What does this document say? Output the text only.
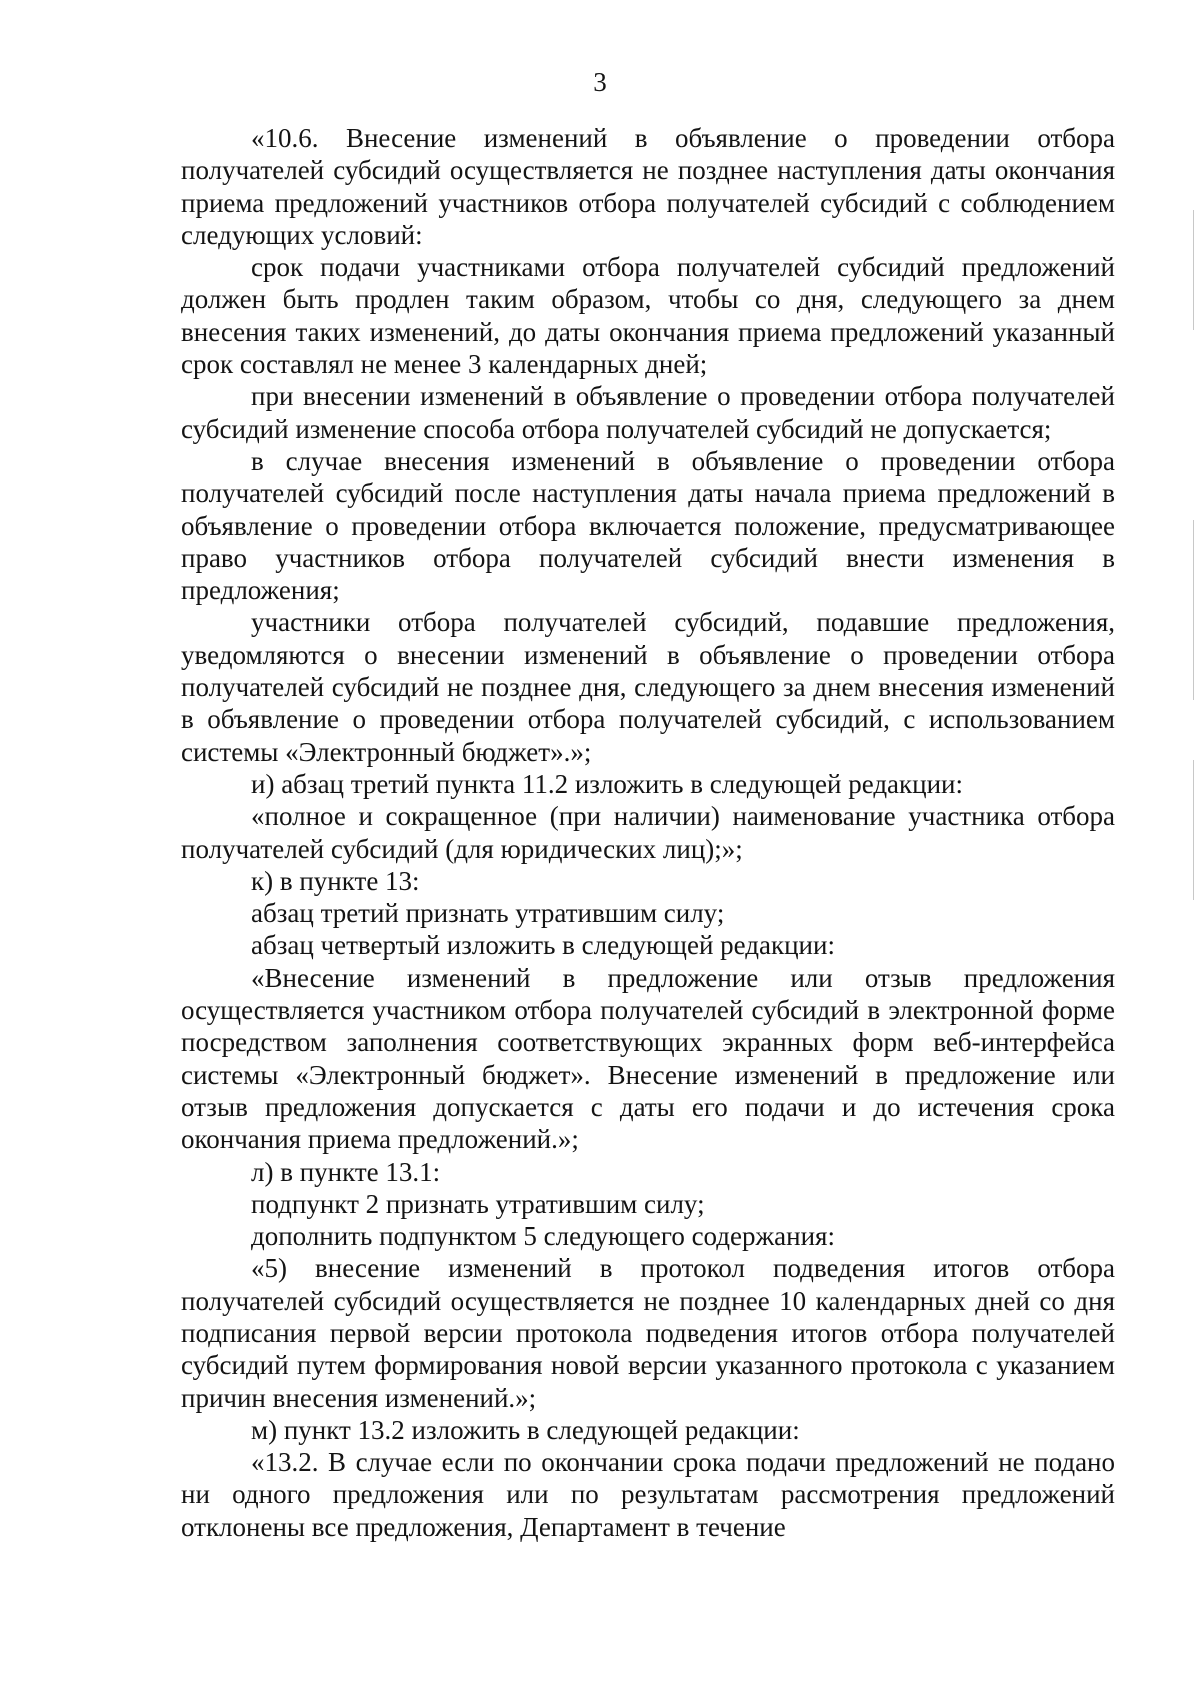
3

«10.6. Внесение изменений в объявление о проведении отбора получателей субсидий осуществляется не позднее наступления даты окончания приема предложений участников отбора получателей субсидий с соблюдением следующих условий:

срок подачи участниками отбора получателей субсидий предложений должен быть продлен таким образом, чтобы со дня, следующего за днем внесения таких изменений, до даты окончания приема предложений указанный срок составлял не менее 3 календарных дней;

при внесении изменений в объявление о проведении отбора получателей субсидий изменение способа отбора получателей субсидий не допускается;

в случае внесения изменений в объявление о проведении отбора получателей субсидий после наступления даты начала приема предложений в объявление о проведении отбора включается положение, предусматривающее право участников отбора получателей субсидий внести изменения в предложения;

участники отбора получателей субсидий, подавшие предложения, уведомляются о внесении изменений в объявление о проведении отбора получателей субсидий не позднее дня, следующего за днем внесения изменений в объявление о проведении отбора получателей субсидий, с использованием системы «Электронный бюджет».»;

и) абзац третий пункта 11.2 изложить в следующей редакции:

«полное и сокращенное (при наличии) наименование участника отбора получателей субсидий (для юридических лиц);»;

к) в пункте 13:

абзац третий признать утратившим силу;

абзац четвертый изложить в следующей редакции:

«Внесение изменений в предложение или отзыв предложения осуществляется участником отбора получателей субсидий в электронной форме посредством заполнения соответствующих экранных форм веб-интерфейса системы «Электронный бюджет». Внесение изменений в предложение или отзыв предложения допускается с даты его подачи и до истечения срока окончания приема предложений.»;

л) в пункте 13.1:

подпункт 2 признать утратившим силу;

дополнить подпунктом 5 следующего содержания:

«5) внесение изменений в протокол подведения итогов отбора получателей субсидий осуществляется не позднее 10 календарных дней со дня подписания первой версии протокола подведения итогов отбора получателей субсидий путем формирования новой версии указанного протокола с указанием причин внесения изменений.»;

м) пункт 13.2 изложить в следующей редакции:

«13.2. В случае если по окончании срока подачи предложений не подано ни одного предложения или по результатам рассмотрения предложений отклонены все предложения, Департамент в течение
